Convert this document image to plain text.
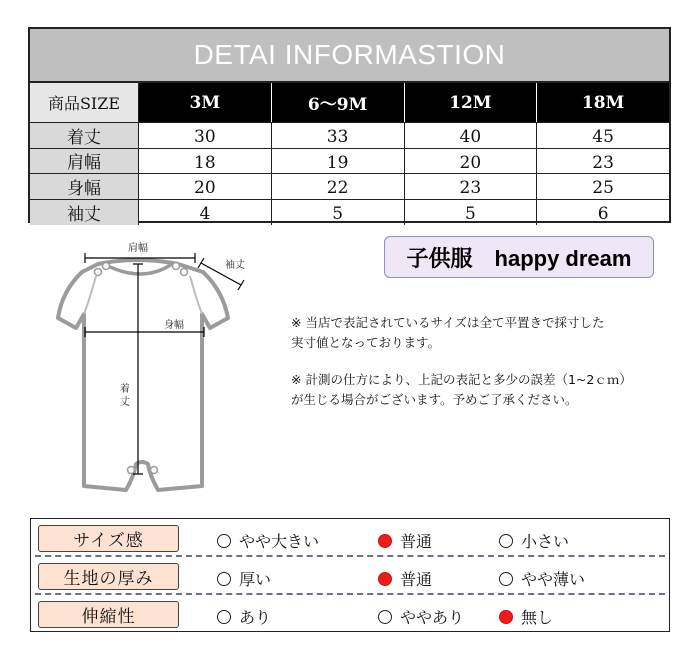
DETAI INFORMASTION
商品SIZE	3M	6～9M	12M	18M
着丈	30	33	40	45
肩幅	18	19	20	23
身幅	20	22	23	25
袖丈	4	5	5	6
肩幅
袖丈
身幅
着
丈
子供服　happy dream

※ 当店で表記されているサイズは全て平置きで採寸した
実寸値となっております。

※ 計測の仕方により、上記の表記と多少の誤差（1~2ｃｍ）
が生じる場合がございます。予めご了承ください。

サイズ感	やや大きい	普通	小さい
生地の厚み	厚い	普通	やや薄い
伸縮性	あり	ややあり	無し
